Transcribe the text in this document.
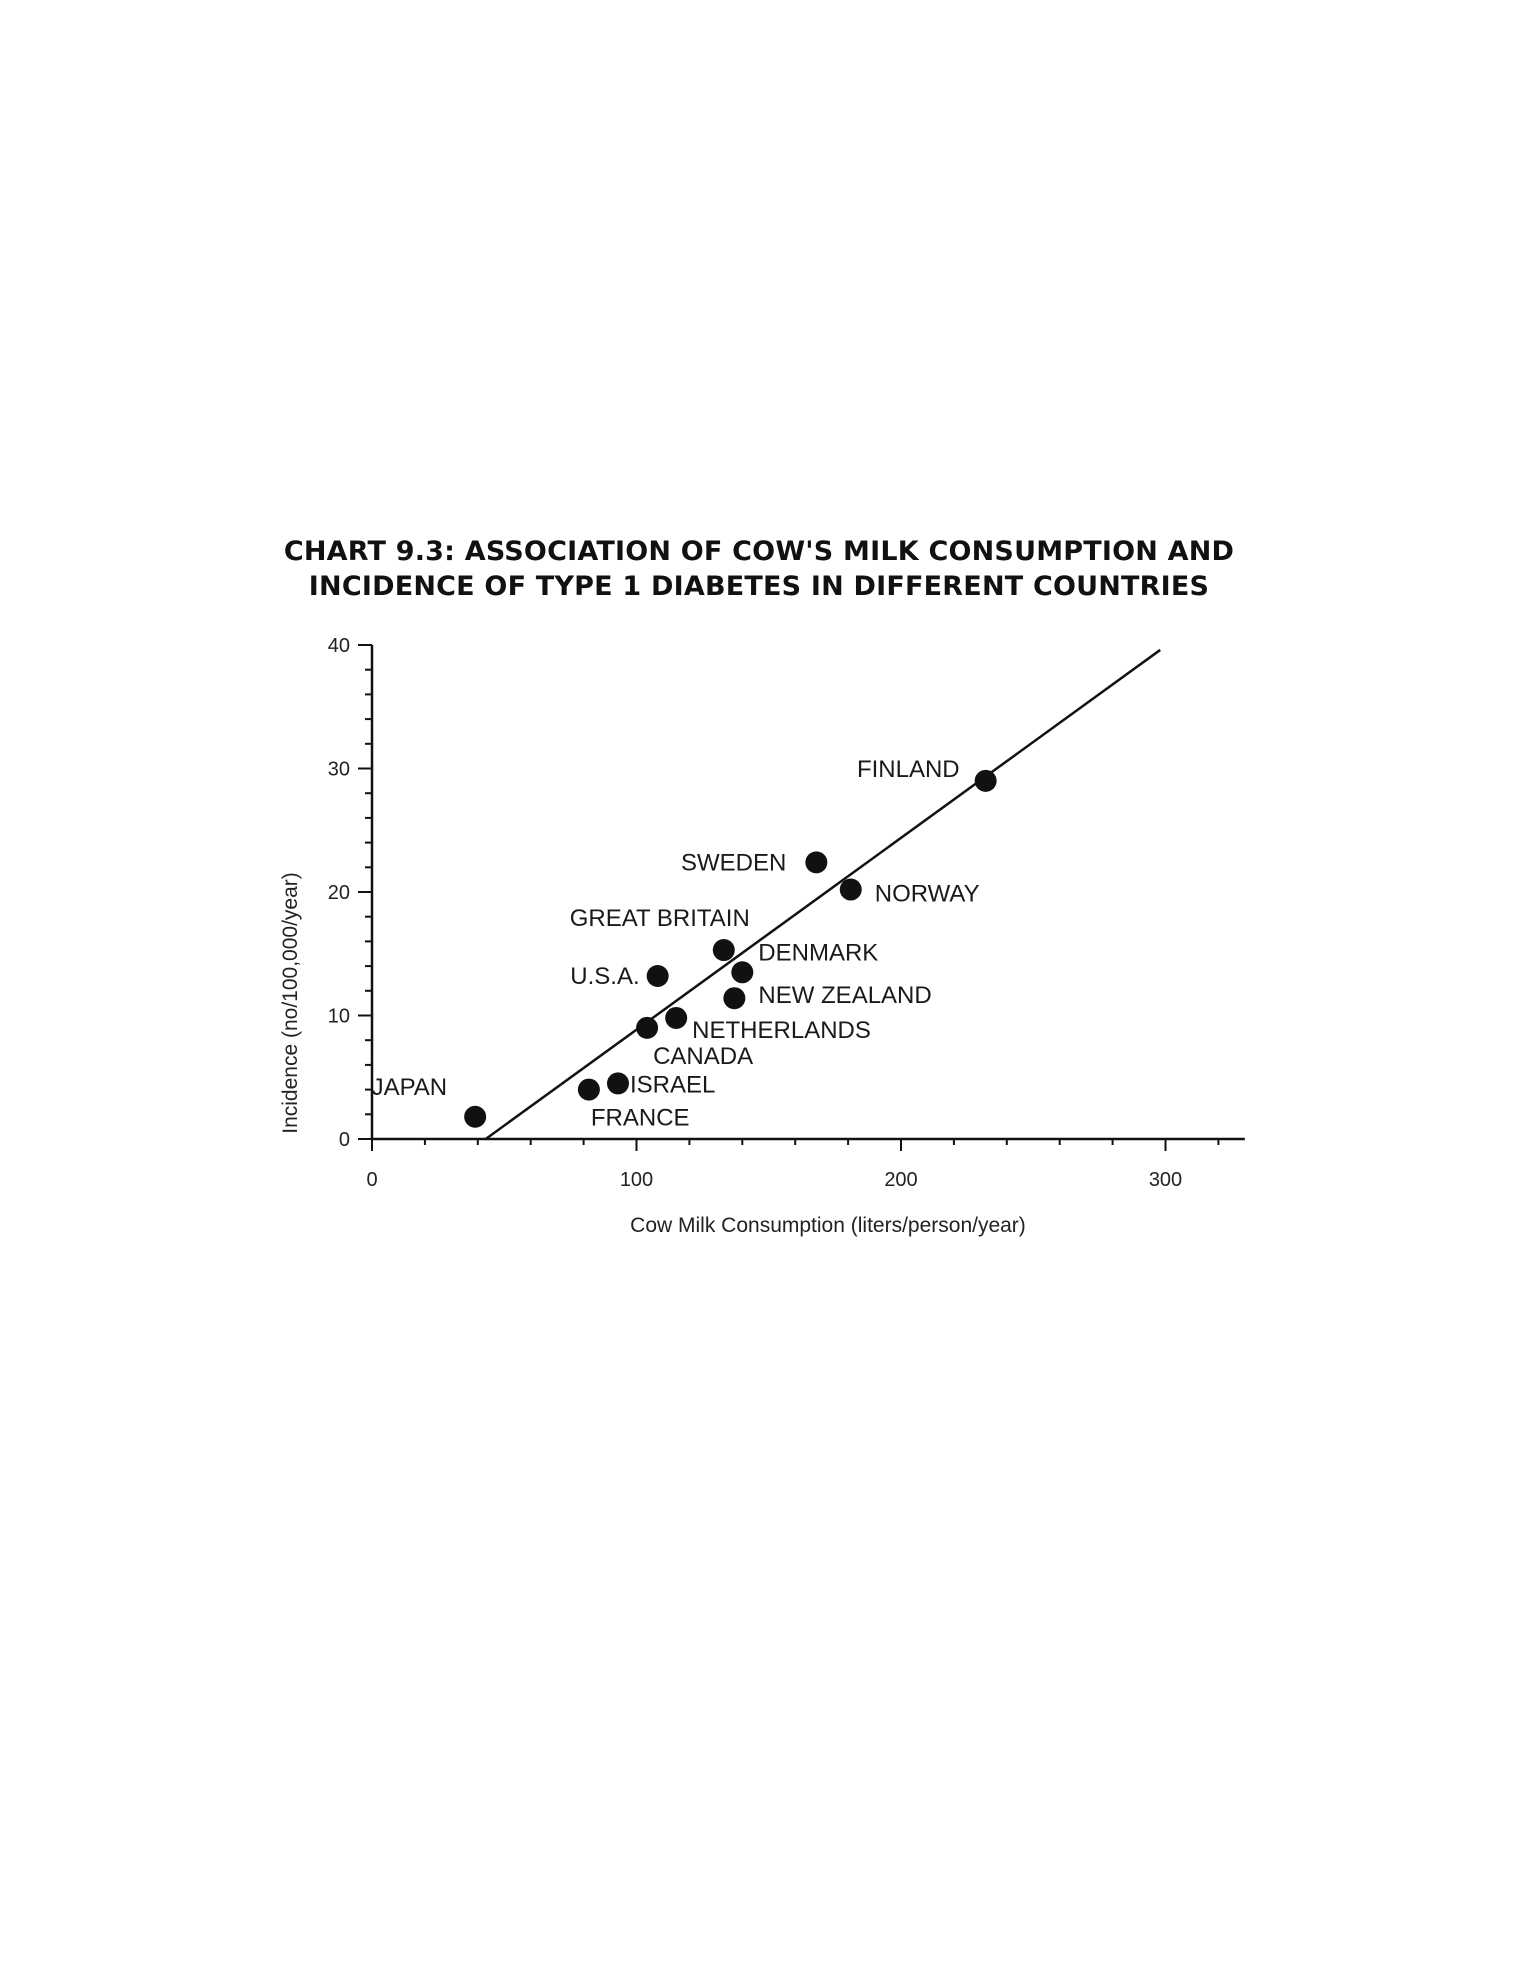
CHART 9.3: ASSOCIATION OF COW'S MILK CONSUMPTION AND
INCIDENCE OF TYPE 1 DIABETES IN DIFFERENT COUNTRIES
0
10
20
30
40
0	100	200	300
JAPAN
FRANCE
ISRAEL
CANADA
NETHERLANDS
U.S.A.
GREAT BRITAIN
DENMARK
NEW ZEALAND
SWEDEN
NORWAY
FINLAND
Cow Milk Consumption (liters/person/year)
Incidence (no/100,000/year)
